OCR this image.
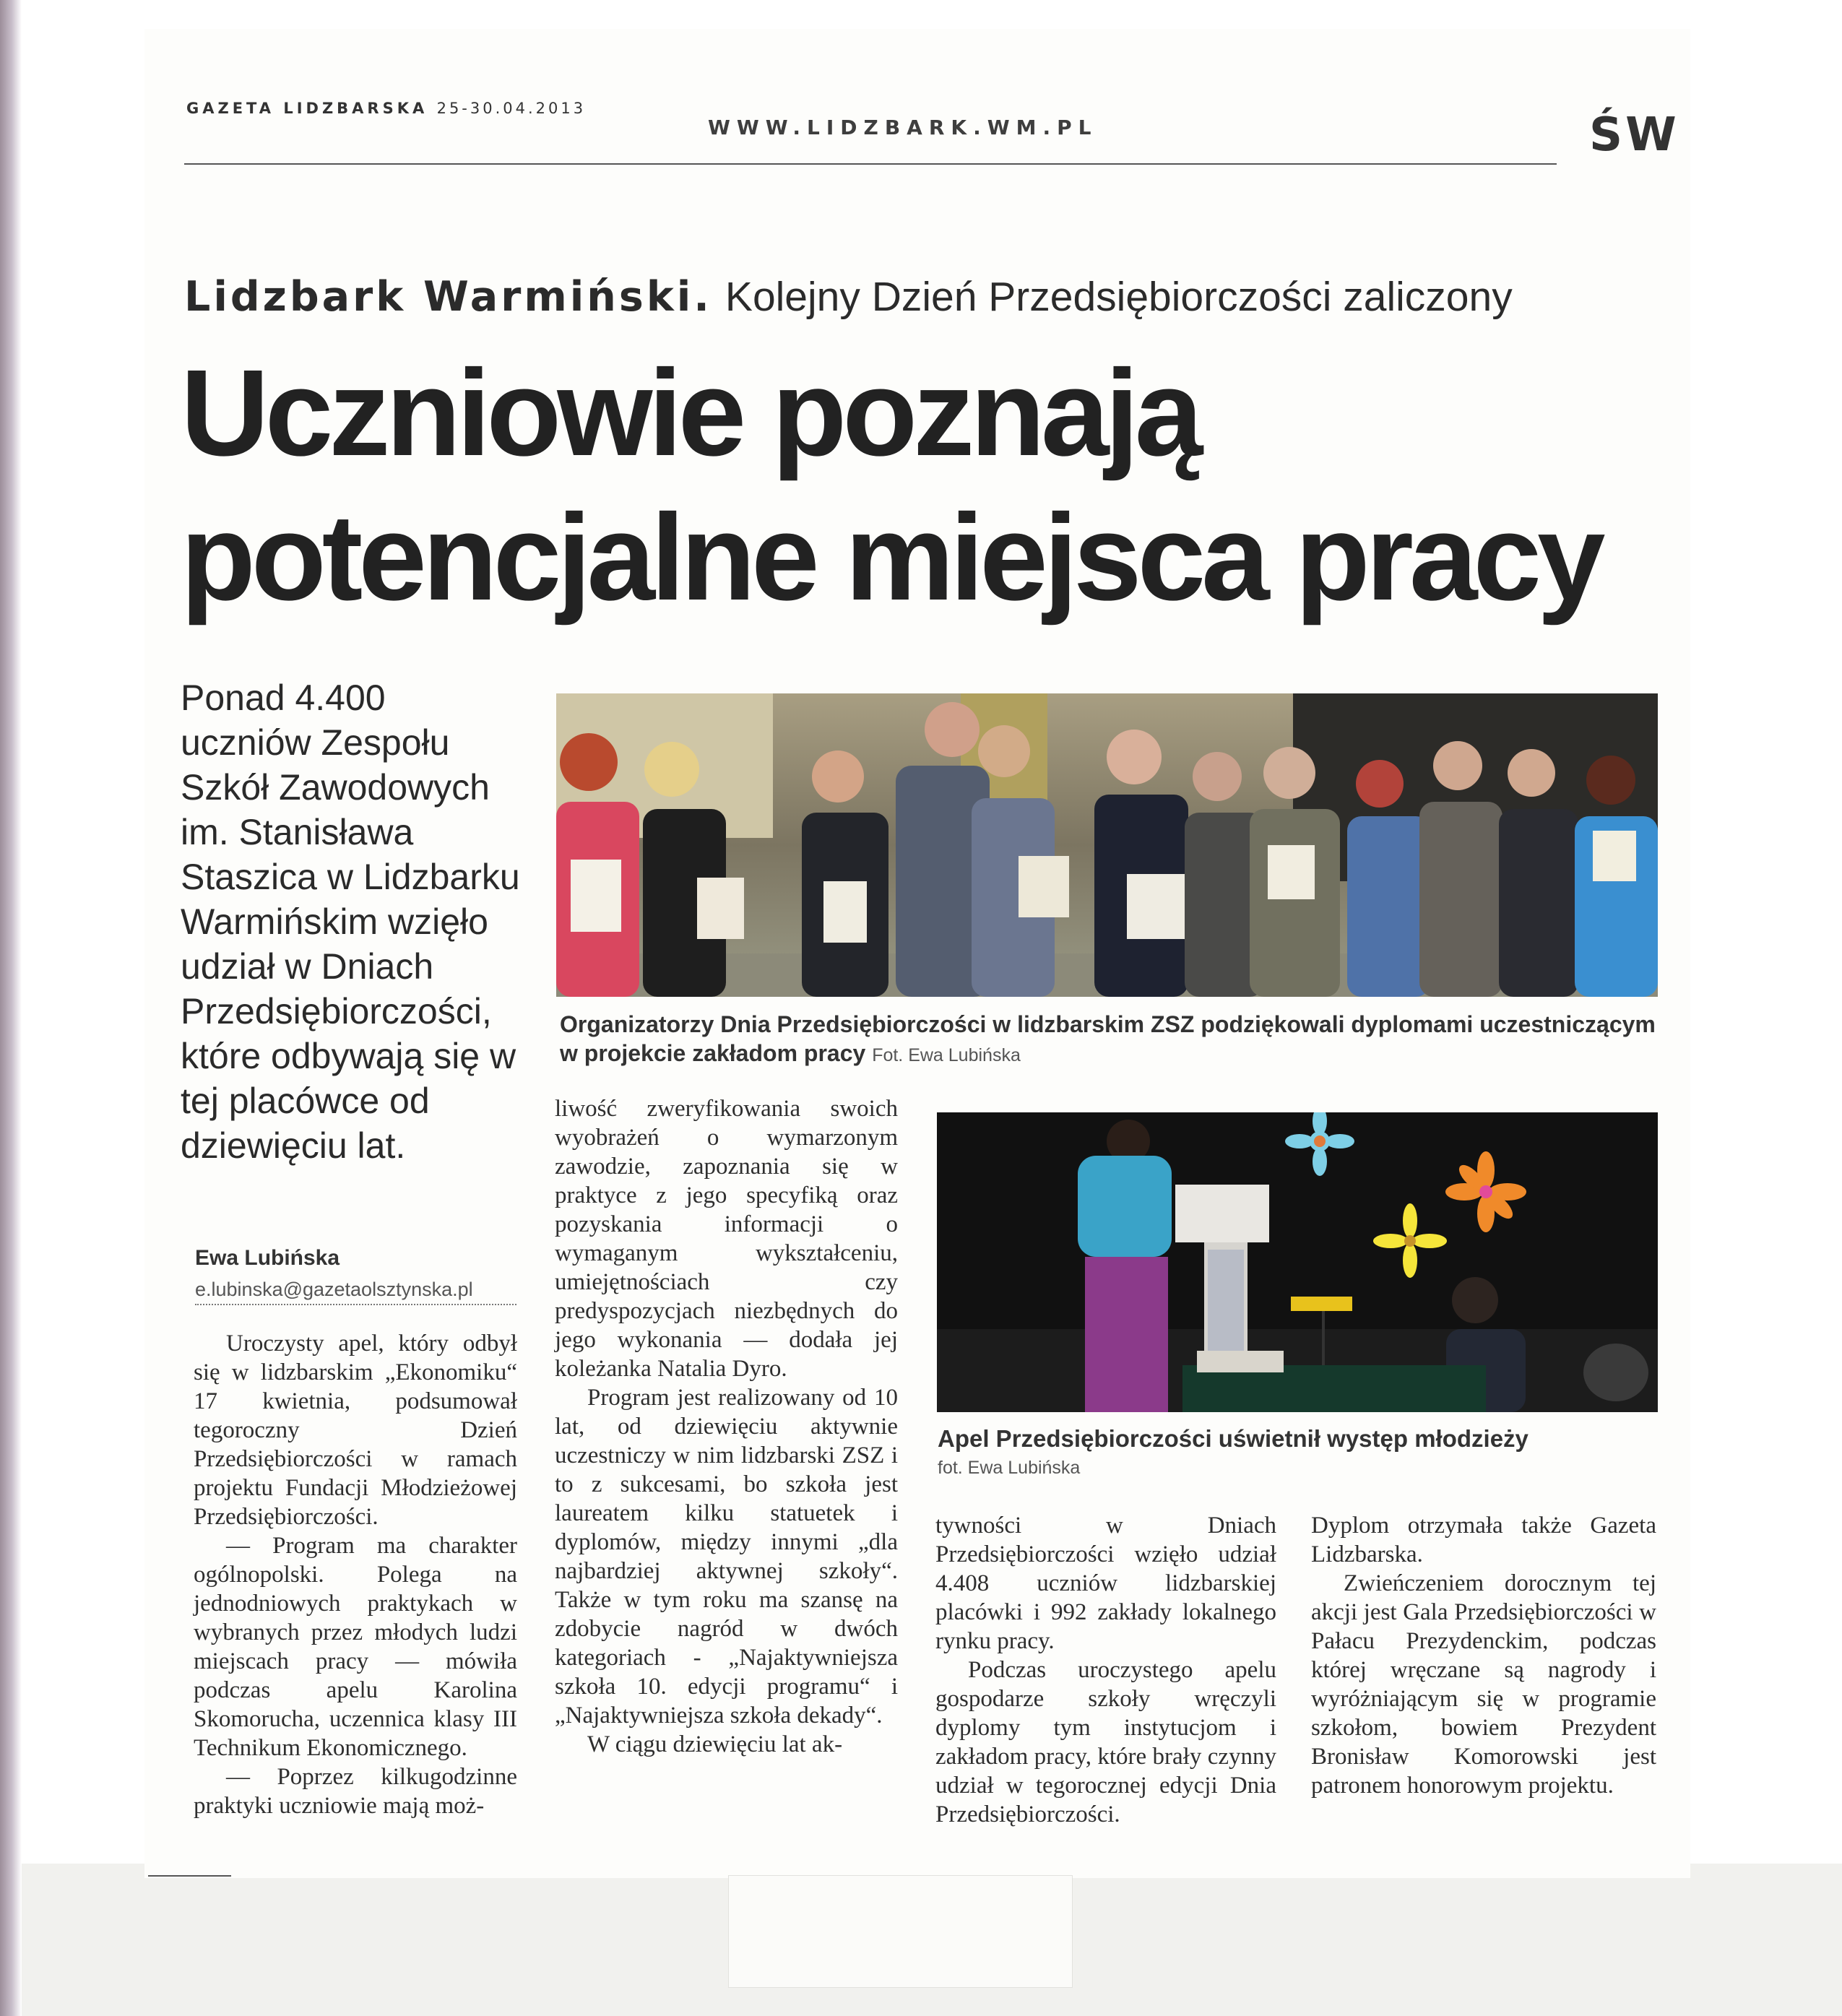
GAZETA LIDZBARSKA 25-30.04.2013
WWW.LIDZBARK.WM.PL	ŚW
Lidzbark Warmiński. Kolejny Dzień Przedsiębiorczości zaliczony
Uczniowie poznają
potencjalne miejsca pracy
Ponad 4.400 uczniów Zespołu Szkół Zawodowych im. Stanisława Staszica w Lidzbarku Warmińskim wzięło udział w Dniach Przedsiębiorczości, które odbywają się w tej placówce od dziewięciu lat.
Ewa Lubińska
e.lubinska@gazetaolsztynska.pl
Organizatorzy Dnia Przedsiębiorczości w lidzbarskim ZSZ podziękowali dyplomami uczestniczącym w projekcie zakładom pracy Fot. Ewa Lubińska
Apel Przedsiębiorczości uświetnił występ młodzieży
fot. Ewa Lubińska

Uroczysty apel, który odbył się w lidzbarskim „Ekonomiku“ 17 kwietnia, podsumował tegoroczny Dzień Przedsiębiorczości w ramach projektu Fundacji Młodzieżowej Przedsiębiorczości.

— Program ma charakter ogólnopolski. Polega na jednodniowych praktykach w wybranych przez młodych ludzi miejscach pracy — mówiła podczas apelu Karolina Skomorucha, uczennica klasy III Technikum Ekonomicznego.

— Poprzez kilkugodzinne praktyki uczniowie mają moż-

liwość zweryfikowania swoich wyobrażeń o wymarzonym zawodzie, zapoznania się w praktyce z jego specyfiką oraz pozyskania informacji o wymaganym wykształceniu, umiejętnościach czy predyspozycjach niezbędnych do jego wykonania — dodała jej koleżanka Natalia Dyro.

Program jest realizowany od 10 lat, od dziewięciu aktywnie uczestniczy w nim lidzbarski ZSZ i to z sukcesami, bo szkoła jest laureatem kilku statuetek i dyplomów, między innymi „dla najbardziej aktywnej szkoły“. Także w tym roku ma szansę na zdobycie nagród w dwóch kategoriach - „Najaktywniejsza szkoła 10. edycji programu“ i „Najaktywniejsza szkoła dekady“.

W ciągu dziewięciu lat ak-

tywności w Dniach Przedsiębiorczości wzięło udział 4.408 uczniów lidzbarskiej placówki i 992 zakłady lokalnego rynku pracy.

Podczas uroczystego apelu gospodarze szkoły wręczyli dyplomy tym instytucjom i zakładom pracy, które brały czynny udział w tegorocznej edycji Dnia Przedsiębiorczości.

Dyplom otrzymała także Gazeta Lidzbarska.

Zwieńczeniem dorocznym tej akcji jest Gala Przedsiębiorczości w Pałacu Prezydenckim, podczas której wręczane są nagrody i wyróżniającym się w programie szkołom, bowiem Prezydent Bronisław Komorowski jest patronem honorowym projektu.
